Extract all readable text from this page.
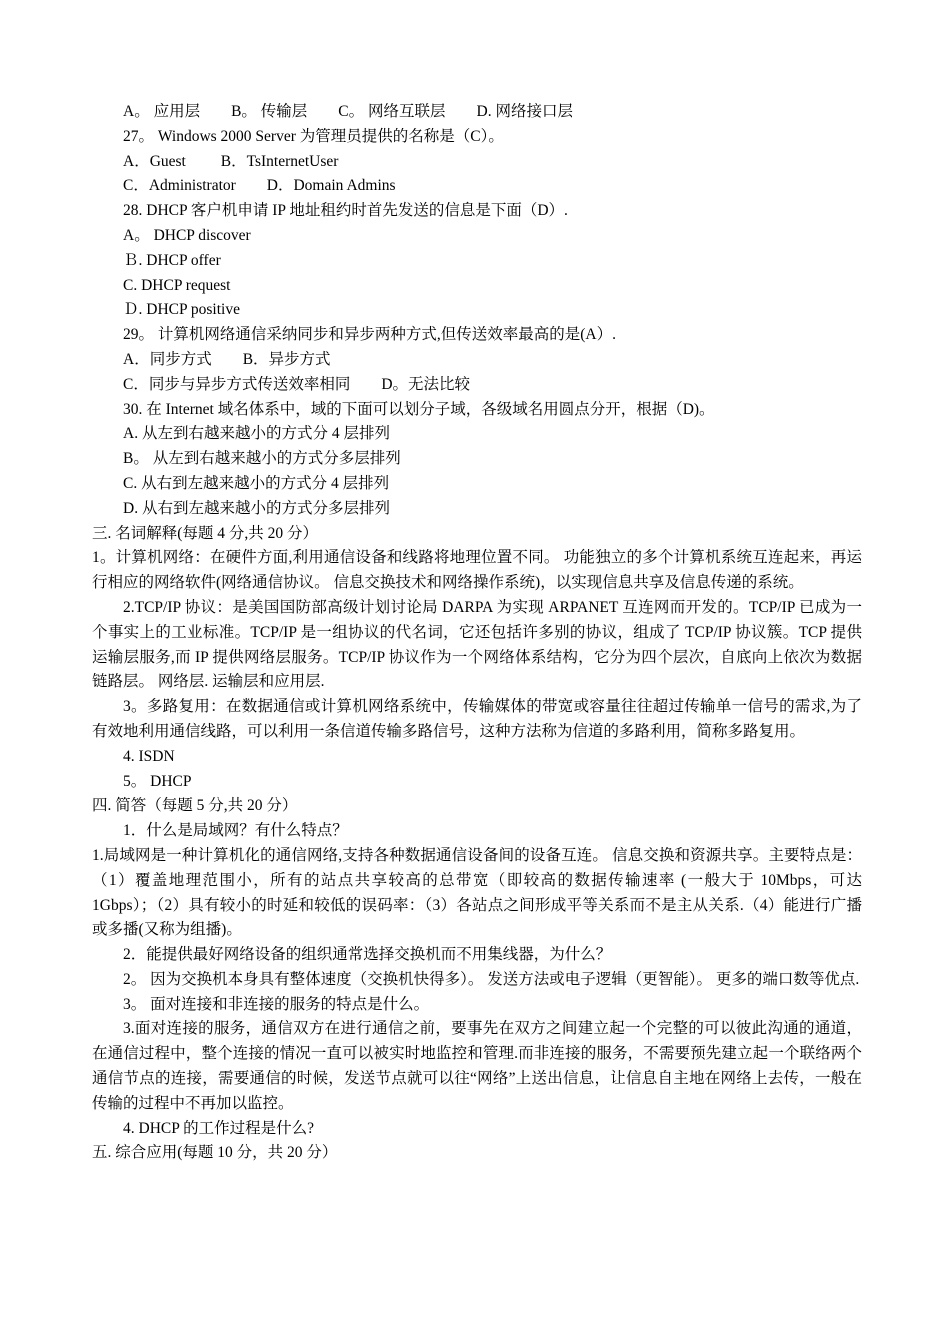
A。 应用层        B。 传输层        C。 网络互联层        D. 网络接口层
27。 Windows 2000 Server 为管理员提供的名称是（C）。
A．Guest         B．TsInternetUser
C．Administrator        D．Domain Admins
28. DHCP 客户机申请 IP 地址租约时首先发送的信息是下面（D）.
A。 DHCP discover
Ｂ. DHCP offer
C. DHCP request
Ｄ. DHCP positive
29。 计算机网络通信采纳同步和异步两种方式,但传送效率最高的是(A）.
A．同步方式        B．异步方式
C．同步与异步方式传送效率相同        D。无法比较
30. 在 Internet 域名体系中，域的下面可以划分子域，各级域名用圆点分开，根据（D)。
A. 从左到右越来越小的方式分 4 层排列
B。 从左到右越来越小的方式分多层排列
C. 从右到左越来越小的方式分 4 层排列
D. 从右到左越来越小的方式分多层排列
三. 名词解释(每题 4 分,共 20 分）
1。计算机网络：在硬件方面,利用通信设备和线路将地理位置不同。 功能独立的多个计算机系统互连起来，再运行相应的网络软件(网络通信协议。 信息交换技术和网络操作系统)，以实现信息共享及信息传递的系统。
2.TCP/IP 协议：是美国国防部高级计划讨论局 DARPA 为实现 ARPANET 互连网而开发的。TCP/IP 已成为一个事实上的工业标准。TCP/IP 是一组协议的代名词，它还包括许多别的协议，组成了 TCP/IP 协议簇。TCP 提供运输层服务,而 IP 提供网络层服务。TCP/IP 协议作为一个网络体系结构，它分为四个层次，自底向上依次为数据链路层。 网络层. 运输层和应用层.
3。多路复用：在数据通信或计算机网络系统中，传输媒体的带宽或容量往往超过传输单一信号的需求,为了有效地利用通信线路，可以利用一条信道传输多路信号，这种方法称为信道的多路利用，简称多路复用。
4. ISDN
5。 DHCP
四. 简答（每题 5 分,共 20 分）
1．什么是局域网？有什么特点？
1.局域网是一种计算机化的通信网络,支持各种数据通信设备间的设备互连。 信息交换和资源共享。主要特点是：（1）覆盖地理范围小，所有的站点共享较高的总带宽（即较高的数据传输速率 (一般大于 10Mbps，可达 1Gbps）；（2）具有较小的时延和较低的误码率：（3）各站点之间形成平等关系而不是主从关系.（4）能进行广播或多播(又称为组播)。
2．能提供最好网络设备的组织通常选择交换机而不用集线器，为什么？
2。 因为交换机本身具有整体速度（交换机快得多）。 发送方法或电子逻辑（更智能）。 更多的端口数等优点.
3。 面对连接和非连接的服务的特点是什么。
3.面对连接的服务，通信双方在进行通信之前，要事先在双方之间建立起一个完整的可以彼此沟通的通道，在通信过程中，整个连接的情况一直可以被实时地监控和管理.而非连接的服务，不需要预先建立起一个联络两个通信节点的连接，需要通信的时候，发送节点就可以往“网络”上送出信息，让信息自主地在网络上去传，一般在传输的过程中不再加以监控。
4. DHCP 的工作过程是什么?
五. 综合应用(每题 10 分，共 20 分）
